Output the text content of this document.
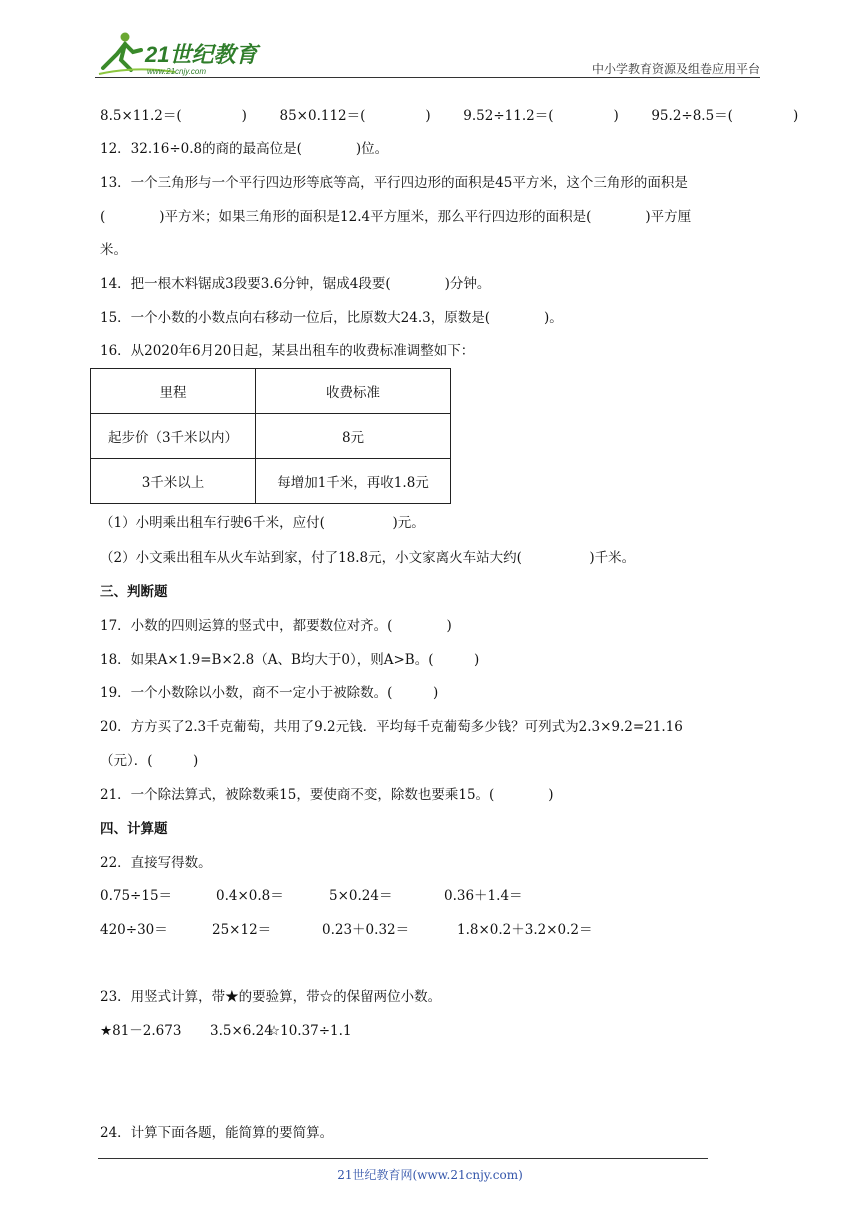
21世纪教育
www.21cnjy.com	中小学教育资源及组卷应用平台
8.5×11.2＝(	) 85×0.112＝(	) 9.52÷11.2＝(	) 95.2÷8.5＝(	)
12．32.16÷0.8的商的最高位是(　　　　)位。
13．一个三角形与一个平行四边形等底等高，平行四边形的面积是45平方米，这个三角形的面积是
(　　　　)平方米；如果三角形的面积是12.4平方厘米，那么平行四边形的面积是(　　　　)平方厘
米。
14．把一根木料锯成3段要3.6分钟，锯成4段要(　　　　)分钟。
15．一个小数的小数点向右移动一位后，比原数大24.3，原数是(　　　　)。
16．从2020年6月20日起，某县出租车的收费标准调整如下：
里程	收费标准
起步价（3千米以内）	8元
3千米以上	每增加1千米，再收1.8元
（1）小明乘出租车行驶6千米，应付(　　　　　)元。
（2）小文乘出租车从火车站到家，付了18.8元，小文家离火车站大约(　　　　　)千米。
三、判断题
17．小数的四则运算的竖式中，都要数位对齐。(　　　　)
18．如果A×1.9=B×2.8（A、B均大于0），则A>B。(　　　)
19．一个小数除以小数，商不一定小于被除数。(　　　)
20．方方买了2.3千克葡萄，共用了9.2元钱．平均每千克葡萄多少钱？可列式为2.3×9.2=21.16
（元）．(　　　)
21．一个除法算式，被除数乘15，要使商不变，除数也要乘15。(　　　　)
四、计算题
22．直接写得数。
0.75÷15＝	0.4×0.8＝	5×0.24＝	0.36＋1.4＝
420÷30＝	25×12＝	0.23＋0.32＝	1.8×0.2＋3.2×0.2＝
23．用竖式计算，带★的要验算，带☆的保留两位小数。
★81－2.673 3.5×6.24☆10.37÷1.1
24．计算下面各题，能简算的要简算。
21世纪教育网(www.21cnjy.com)
